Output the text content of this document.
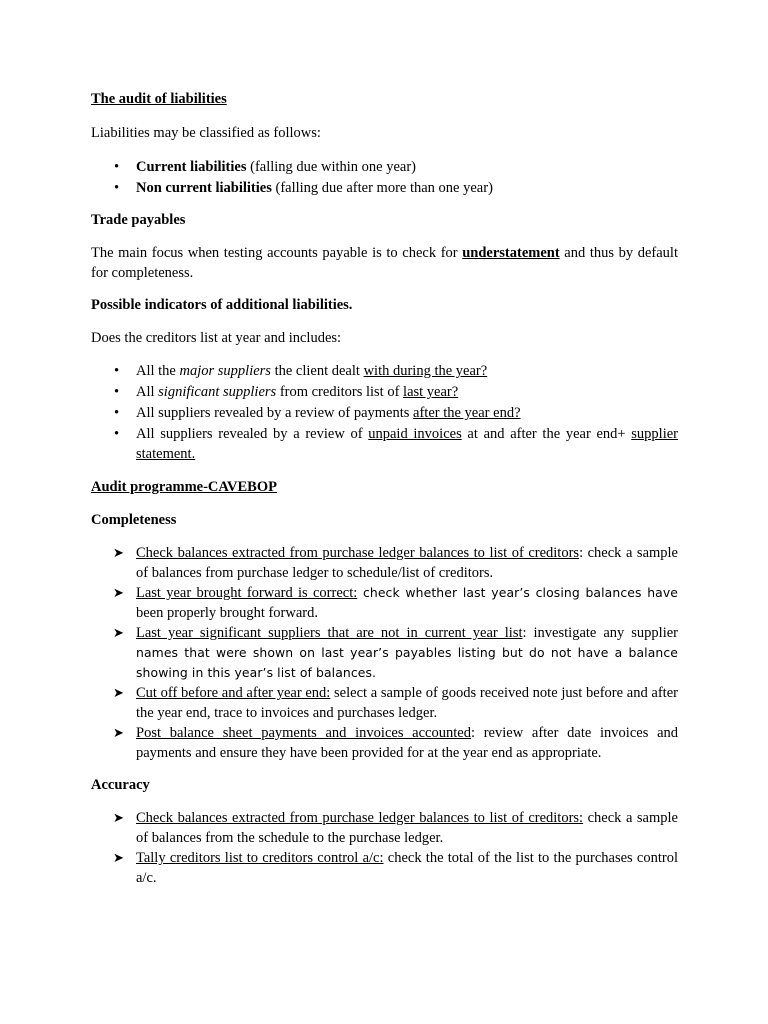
The audit of liabilities

Liabilities may be classified as follows:

• Current liabilities (falling due within one year)
• Non current liabilities (falling due after more than one year)

Trade payables

The main focus when testing accounts payable is to check for understatement and thus by default for completeness.

Possible indicators of additional liabilities.

Does the creditors list at year and includes:

• All the major suppliers the client dealt with during the year?
• All significant suppliers from creditors list of last year?
• All suppliers revealed by a review of payments after the year end?
• All suppliers revealed by a review of unpaid invoices at and after the year end+ supplier statement.

Audit programme-CAVEBOP

Completeness

➤ Check balances extracted from purchase ledger balances to list of creditors: check a sample of balances from purchase ledger to schedule/list of creditors.
➤ Last year brought forward is correct: check whether last year’s closing balances have been properly brought forward.
➤ Last year significant suppliers that are not in current year list: investigate any supplier names that were shown on last year’s payables listing but do not have a balance showing in this year’s list of balances.
➤ Cut off before and after year end: select a sample of goods received note just before and after the year end, trace to invoices and purchases ledger.
➤ Post balance sheet payments and invoices accounted: review after date invoices and payments and ensure they have been provided for at the year end as appropriate.

Accuracy

➤ Check balances extracted from purchase ledger balances to list of creditors: check a sample of balances from the schedule to the purchase ledger.
➤ Tally creditors list to creditors control a/c: check the total of the list to the purchases control a/c.
